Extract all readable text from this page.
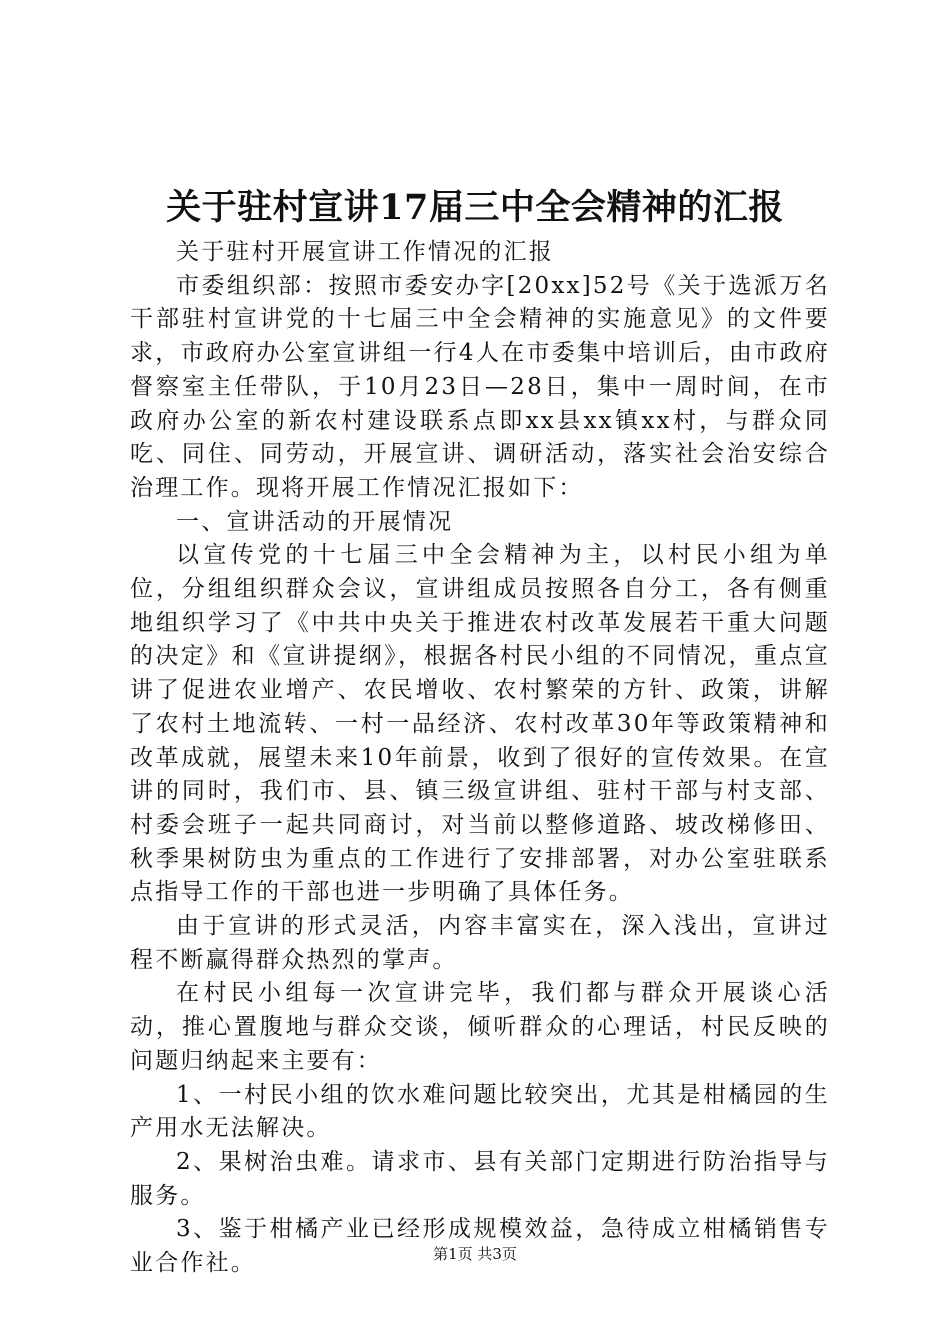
关于驻村宣讲17届三中全会精神的汇报

关于驻村开展宣讲工作情况的汇报

市委组织部：按照市委安办字[20xx]52号《关于选派万名干部驻村宣讲党的十七届三中全会精神的实施意见》的文件要求，市政府办公室宣讲组一行4人在市委集中培训后，由市政府督察室主任带队，于10月23日—28日，集中一周时间，在市政府办公室的新农村建设联系点即xx县xx镇xx村，与群众同吃、同住、同劳动，开展宣讲、调研活动，落实社会治安综合治理工作。现将开展工作情况汇报如下：

一、宣讲活动的开展情况

以宣传党的十七届三中全会精神为主，以村民小组为单位，分组组织群众会议，宣讲组成员按照各自分工，各有侧重地组织学习了《中共中央关于推进农村改革发展若干重大问题的决定》和《宣讲提纲》，根据各村民小组的不同情况，重点宣讲了促进农业增产、农民增收、农村繁荣的方针、政策，讲解了农村土地流转、一村一品经济、农村改革30年等政策精神和改革成就，展望未来10年前景，收到了很好的宣传效果。在宣讲的同时，我们市、县、镇三级宣讲组、驻村干部与村支部、村委会班子一起共同商讨，对当前以整修道路、坡改梯修田、秋季果树防虫为重点的工作进行了安排部署，对办公室驻联系点指导工作的干部也进一步明确了具体任务。

由于宣讲的形式灵活，内容丰富实在，深入浅出，宣讲过程不断赢得群众热烈的掌声。

在村民小组每一次宣讲完毕，我们都与群众开展谈心活动，推心置腹地与群众交谈，倾听群众的心理话，村民反映的问题归纳起来主要有：

1、一村民小组的饮水难问题比较突出，尤其是柑橘园的生产用水无法解决。

2、果树治虫难。请求市、县有关部门定期进行防治指导与服务。

3、鉴于柑橘产业已经形成规模效益，急待成立柑橘销售专业合作社。	第1页 共3页
